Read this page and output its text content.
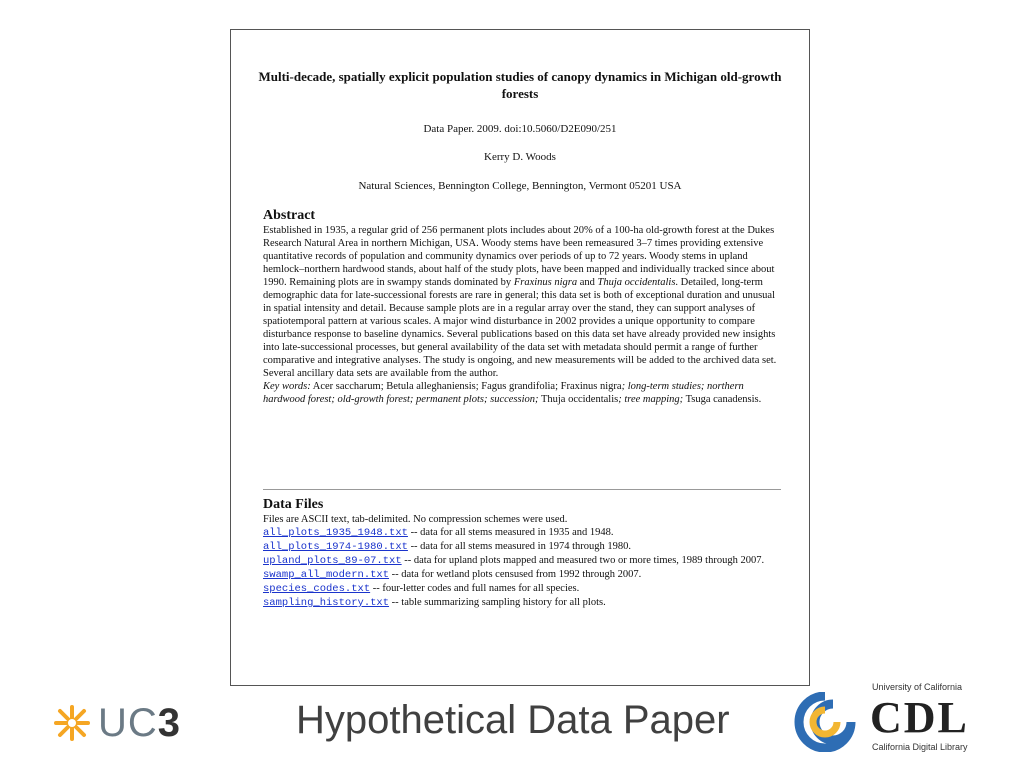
Multi-decade, spatially explicit population studies of canopy dynamics in Michigan old-growth forests
Data Paper. 2009. doi:10.5060/D2E090/251
Kerry D. Woods
Natural Sciences, Bennington College, Bennington, Vermont 05201 USA
Abstract
Established in 1935, a regular grid of 256 permanent plots includes about 20% of a 100-ha old-growth forest at the Dukes Research Natural Area in northern Michigan, USA. Woody stems have been remeasured 3–7 times providing extensive quantitative records of population and community dynamics over periods of up to 72 years. Woody stems in upland hemlock–northern hardwood stands, about half of the study plots, have been mapped and individually tracked since about 1990. Remaining plots are in swampy stands dominated by Fraxinus nigra and Thuja occidentalis. Detailed, long-term demographic data for late-successional forests are rare in general; this data set is both of exceptional duration and unusual in spatial intensity and detail. Because sample plots are in a regular array over the stand, they can support analyses of spatiotemporal pattern at various scales. A major wind disturbance in 2002 provides a unique opportunity to compare disturbance response to baseline dynamics. Several publications based on this data set have already provided new insights into late-successional processes, but general availability of the data set with metadata should permit a range of further comparative and integrative analyses. The study is ongoing, and new measurements will be added to the archived data set. Several ancillary data sets are available from the author.
Key words: Acer saccharum; Betula alleghaniensis; Fagus grandifolia; Fraxinus nigra; long-term studies; northern hardwood forest; old-growth forest; permanent plots; succession; Thuja occidentalis; tree mapping; Tsuga canadensis.
Data Files
Files are ASCII text, tab-delimited. No compression schemes were used.
all_plots_1935_1948.txt -- data for all stems measured in 1935 and 1948.
all_plots_1974-1980.txt -- data for all stems measured in 1974 through 1980.
upland_plots_89-07.txt -- data for upland plots mapped and measured two or more times, 1989 through 2007.
swamp_all_modern.txt -- data for wetland plots censused from 1992 through 2007.
species_codes.txt -- four-letter codes and full names for all species.
sampling_history.txt -- table summarizing sampling history for all plots.
UC3	Hypothetical Data Paper
University of California
CDL
California Digital Library
